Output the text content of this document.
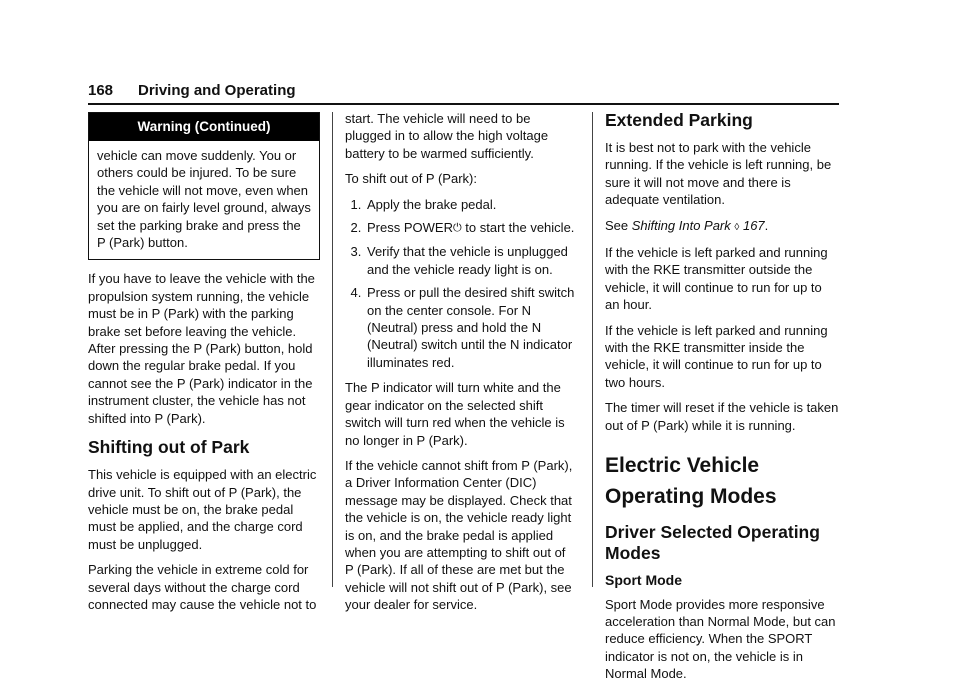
168 Driving and Operating
Warning (Continued)
vehicle can move suddenly. You or others could be injured. To be sure the vehicle will not move, even when you are on fairly level ground, always set the parking brake and press the P (Park) button.

If you have to leave the vehicle with the propulsion system running, the vehicle must be in P (Park) with the parking brake set before leaving the vehicle. After pressing the P (Park) button, hold down the regular brake pedal. If you cannot see the P (Park) indicator in the instrument cluster, the vehicle has not shifted into P (Park).

Shifting out of Park

This vehicle is equipped with an electric drive unit. To shift out of P (Park), the vehicle must be on, the brake pedal must be applied, and the charge cord must be unplugged.

Parking the vehicle in extreme cold for several days without the charge cord connected may cause the vehicle not to

start. The vehicle will need to be plugged in to allow the high voltage battery to be warmed sufficiently.

To shift out of P (Park):

1. Apply the brake pedal.
2. Press POWER⏻ to start the vehicle.
3. Verify that the vehicle is unplugged and the vehicle ready light is on.
4. Press or pull the desired shift switch on the center console. For N (Neutral) press and hold the N (Neutral) switch until the N indicator illuminates red.

The P indicator will turn white and the gear indicator on the selected shift switch will turn red when the vehicle is no longer in P (Park).

If the vehicle cannot shift from P (Park), a Driver Information Center (DIC) message may be displayed. Check that the vehicle is on, the vehicle ready light is on, and the brake pedal is applied when you are attempting to shift out of P (Park). If all of these are met but the vehicle will not shift out of P (Park), see your dealer for service.

Extended Parking

It is best not to park with the vehicle running. If the vehicle is left running, be sure it will not move and there is adequate ventilation.

See Shifting Into Park ◊ 167.

If the vehicle is left parked and running with the RKE transmitter outside the vehicle, it will continue to run for up to an hour.

If the vehicle is left parked and running with the RKE transmitter inside the vehicle, it will continue to run for up to two hours.

The timer will reset if the vehicle is taken out of P (Park) while it is running.

Electric Vehicle Operating Modes
Driver Selected Operating Modes
Sport Mode

Sport Mode provides more responsive acceleration than Normal Mode, but can reduce efficiency. When the SPORT indicator is not on, the vehicle is in Normal Mode.
